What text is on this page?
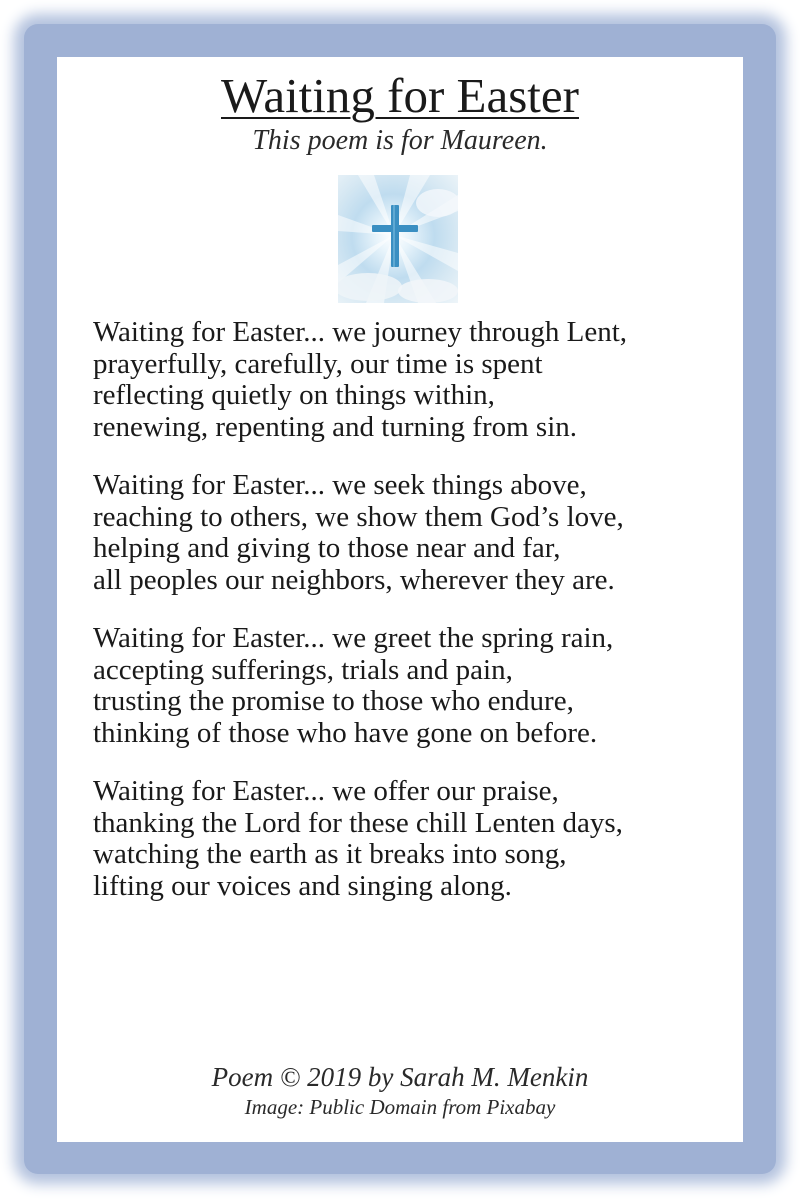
Waiting for Easter

This poem is for Maureen.

Waiting for Easter... we journey through Lent,
prayerfully, carefully, our time is spent
reflecting quietly on things within,
renewing, repenting and turning from sin.
Waiting for Easter... we seek things above,
reaching to others, we show them God’s love,
helping and giving to those near and far,
all peoples our neighbors, wherever they are.
Waiting for Easter... we greet the spring rain,
accepting sufferings, trials and pain,
trusting the promise to those who endure,
thinking of those who have gone on before.
Waiting for Easter... we offer our praise,
thanking the Lord for these chill Lenten days,
watching the earth as it breaks into song,
lifting our voices and singing along.

Poem © 2019 by Sarah M. Menkin

Image: Public Domain from Pixabay
